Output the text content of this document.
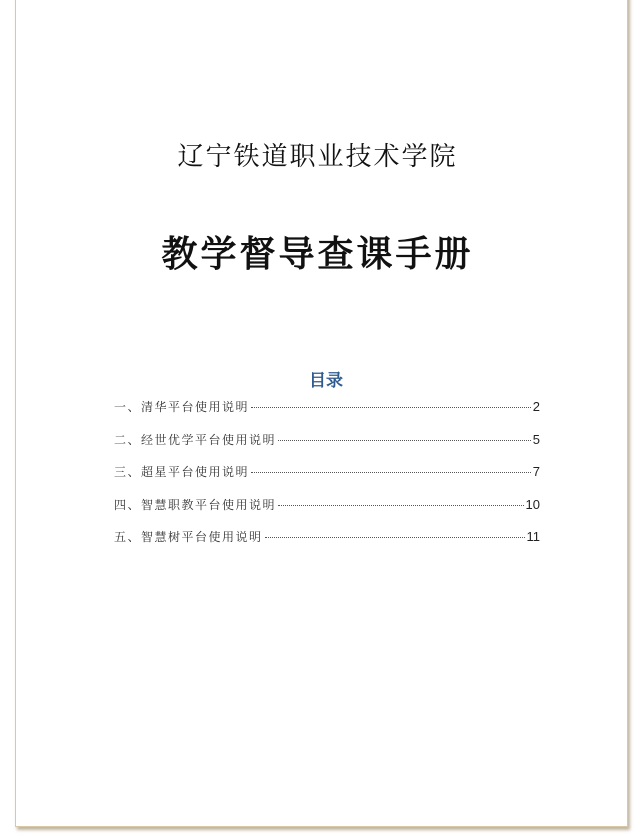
辽宁铁道职业技术学院
教学督导查课手册
目录
一、清华平台使用说明	2
二、经世优学平台使用说明	5
三、超星平台使用说明	7
四、智慧职教平台使用说明	10
五、智慧树平台使用说明	11
